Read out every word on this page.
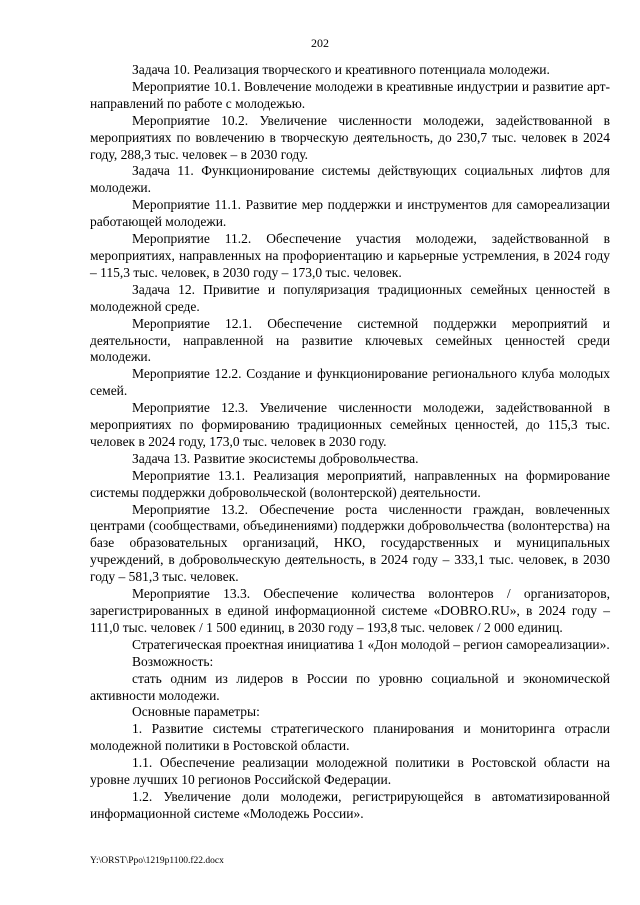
202

Задача 10. Реализация творческого и креативного потенциала молодежи.

Мероприятие 10.1. Вовлечение молодежи в креативные индустрии и развитие арт-направлений по работе с молодежью.

Мероприятие 10.2. Увеличение численности молодежи, задействованной в мероприятиях по вовлечению в творческую деятельность, до 230,7 тыс. человек в 2024 году, 288,3 тыс. человек – в 2030 году.

Задача 11. Функционирование системы действующих социальных лифтов для молодежи.

Мероприятие 11.1. Развитие мер поддержки и инструментов для самореализации работающей молодежи.

Мероприятие 11.2. Обеспечение участия молодежи, задействованной в мероприятиях, направленных на профориентацию и карьерные устремления, в 2024 году – 115,3 тыс. человек, в 2030 году – 173,0 тыс. человек.

Задача 12. Привитие и популяризация традиционных семейных ценностей в молодежной среде.

Мероприятие 12.1. Обеспечение системной поддержки мероприятий и деятельности, направленной на развитие ключевых семейных ценностей среди молодежи.

Мероприятие 12.2. Создание и функционирование регионального клуба молодых семей.

Мероприятие 12.3. Увеличение численности молодежи, задействованной в мероприятиях по формированию традиционных семейных ценностей, до 115,3 тыс. человек в 2024 году, 173,0 тыс. человек в 2030 году.

Задача 13. Развитие экосистемы добровольчества.

Мероприятие 13.1. Реализация мероприятий, направленных на формирование системы поддержки добровольческой (волонтерской) деятельности.

Мероприятие 13.2. Обеспечение роста численности граждан, вовлеченных центрами (сообществами, объединениями) поддержки добровольчества (волонтерства) на базе образовательных организаций, НКО, государственных и муниципальных учреждений, в добровольческую деятельность, в 2024 году – 333,1 тыс. человек, в 2030 году – 581,3 тыс. человек.

Мероприятие 13.3. Обеспечение количества волонтеров / организаторов, зарегистрированных в единой информационной системе «DOBRO.RU», в 2024 году – 111,0 тыс. человек / 1 500 единиц, в 2030 году – 193,8 тыс. человек / 2 000 единиц.

Стратегическая проектная инициатива 1 «Дон молодой – регион самореализации».

Возможность:

стать одним из лидеров в России по уровню социальной и экономической активности молодежи.

Основные параметры:

1. Развитие системы стратегического планирования и мониторинга отрасли молодежной политики в Ростовской области.

1.1. Обеспечение реализации молодежной политики в Ростовской области на уровне лучших 10 регионов Российской Федерации.

1.2. Увеличение доли молодежи, регистрирующейся в автоматизированной информационной системе «Молодежь России».

Y:\ORST\Ppo\1219p1100.f22.docx
